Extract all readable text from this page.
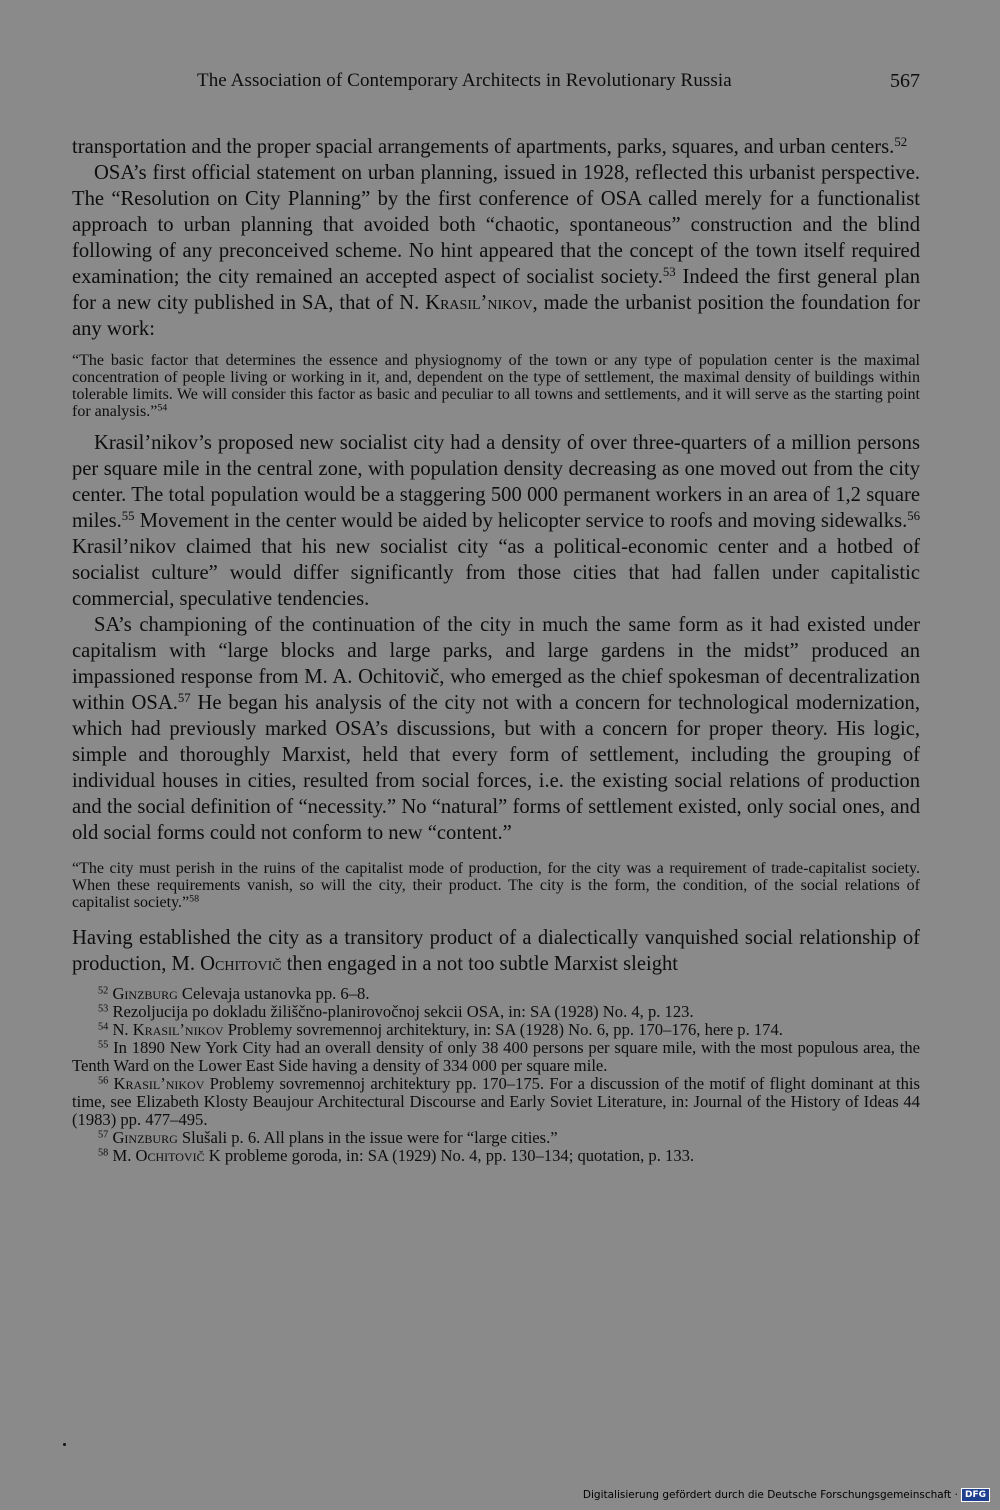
The Association of Contemporary Architects in Revolutionary Russia	567

transportation and the proper spacial arrangements of apartments, parks, squares, and urban centers.$^{52}$

OSA’s first official statement on urban planning, issued in 1928, reflected this urbanist perspective. The “Resolution on City Planning” by the first conference of OSA called merely for a functionalist approach to urban planning that avoided both “chaotic, spontaneous” construction and the blind following of any preconceived scheme. No hint appeared that the concept of the town itself required examination; the city remained an accepted aspect of socialist society.$^{53}$ Indeed the first general plan for a new city published in SA, that of N. Krasil’nikov, made the urbanist position the foundation for any work:

“The basic factor that determines the essence and physiognomy of the town or any type of population center is the maximal concentration of people living or working in it, and, dependent on the type of settlement, the maximal density of buildings within tolerable limits. We will consider this factor as basic and peculiar to all towns and settlements, and it will serve as the starting point for analysis.”$^{54}$

Krasil’nikov’s proposed new socialist city had a density of over three-quarters of a million persons per square mile in the central zone, with population density decreasing as one moved out from the city center. The total population would be a staggering 500 000 permanent workers in an area of 1,2 square miles.$^{55}$ Movement in the center would be aided by helicopter service to roofs and moving sidewalks.$^{56}$ Krasil’nikov claimed that his new socialist city “as a political-economic center and a hotbed of socialist culture” would differ significantly from those cities that had fallen under capitalistic commercial, speculative tendencies.

SA’s championing of the continuation of the city in much the same form as it had existed under capitalism with “large blocks and large parks, and large gardens in the midst” produced an impassioned response from M. A. Ochitovič, who emerged as the chief spokesman of decentralization within OSA.$^{57}$ He began his analysis of the city not with a concern for technological modernization, which had previously marked OSA’s discussions, but with a concern for proper theory. His logic, simple and thoroughly Marxist, held that every form of settlement, including the grouping of individual houses in cities, resulted from social forces, i.e. the existing social relations of production and the social definition of “necessity.” No “natural” forms of settlement existed, only social ones, and old social forms could not conform to new “content.”

“The city must perish in the ruins of the capitalist mode of production, for the city was a requirement of trade-capitalist society. When these requirements vanish, so will the city, their product. The city is the form, the condition, of the social relations of capitalist society.”$^{58}$

Having established the city as a transitory product of a dialectically vanquished social relationship of production, M. Ochitovič then engaged in a not too subtle Marxist sleight

$^{52}$ Ginzburg Celevaja ustanovka pp. 6–8.

$^{53}$ Rezoljucija po dokladu žiliščno-planirovočnoj sekcii OSA, in: SA (1928) No. 4, p. 123.

$^{54}$ N. Krasil’nikov Problemy sovremennoj architektury, in: SA (1928) No. 6, pp. 170–176, here p. 174.

$^{55}$ In 1890 New York City had an overall density of only 38 400 persons per square mile, with the most populous area, the Tenth Ward on the Lower East Side having a density of 334 000 per square mile.

$^{56}$ Krasil’nikov Problemy sovremennoj architektury pp. 170–175. For a discussion of the motif of flight dominant at this time, see Elizabeth Klosty Beaujour Architectural Discourse and Early Soviet Literature, in: Journal of the History of Ideas 44 (1983) pp. 477–495.

$^{57}$ Ginzburg Slušali p. 6. All plans in the issue were for “large cities.”

$^{58}$ M. Ochitovič K probleme goroda, in: SA (1929) No. 4, pp. 130–134; quotation, p. 133.

Digitalisierung gefördert durch die Deutsche Forschungsgemeinschaft · DFG
